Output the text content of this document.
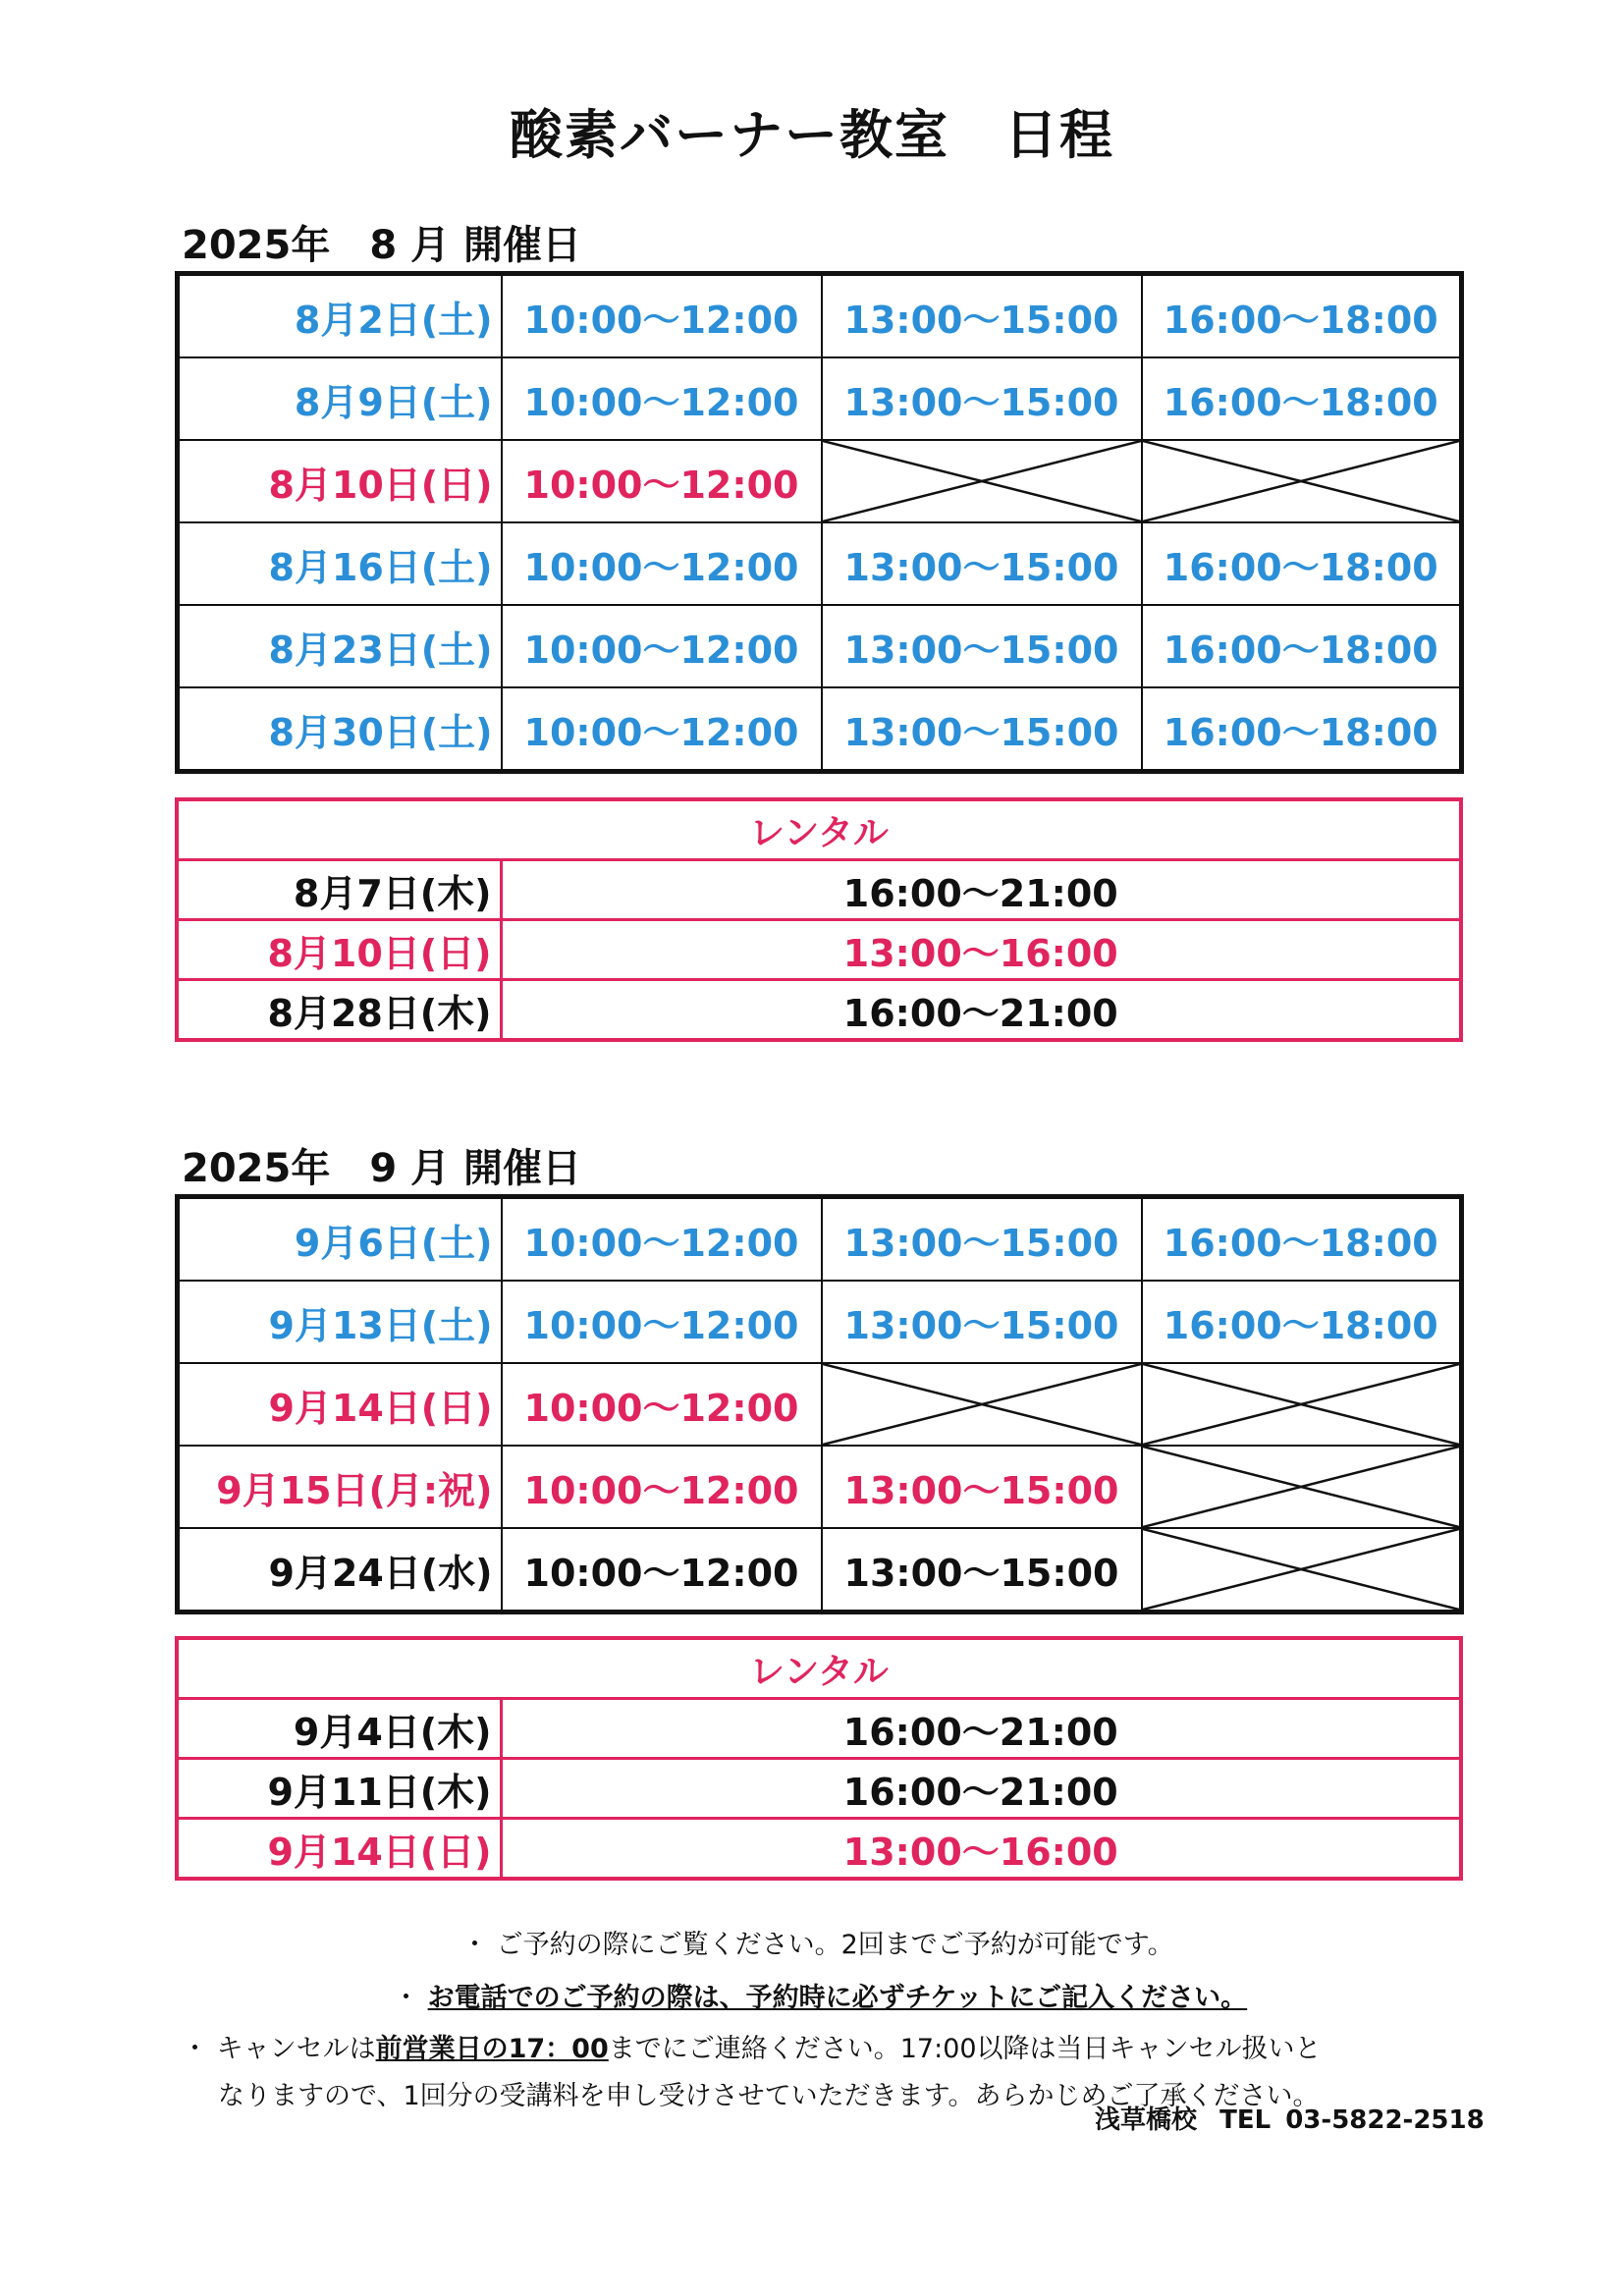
酸素バーナー教室　日程
2025年　8 月 開催日
8月2日(土)	10:00～12:00	13:00～15:00	16:00～18:00
8月9日(土)	10:00～12:00	13:00～15:00	16:00～18:00
8月10日(日)	10:00～12:00		
8月16日(土)	10:00～12:00	13:00～15:00	16:00～18:00
8月23日(土)	10:00～12:00	13:00～15:00	16:00～18:00
8月30日(土)	10:00～12:00	13:00～15:00	16:00～18:00
レンタル	
8月7日(木)	16:00～21:00
8月10日(日)	13:00～16:00
8月28日(木)	16:00～21:00
2025年　9 月 開催日
9月6日(土)	10:00～12:00	13:00～15:00	16:00～18:00
9月13日(土)	10:00～12:00	13:00～15:00	16:00～18:00
9月14日(日)	10:00～12:00		
9月15日(月:祝)	10:00～12:00	13:00～15:00	
9月24日(水)	10:00～12:00	13:00～15:00	
レンタル	
9月4日(木)	16:00～21:00
9月11日(木)	16:00～21:00
9月14日(日)	13:00～16:00
・ ご予約の際にご覧ください。2回までご予約が可能です。
・ お電話でのご予約の際は、予約時に必ずチケットにご記入ください。
・ キャンセルは前営業日の17：00までにご連絡ください。17:00以降は当日キャンセル扱いと
なりますので、1回分の受講料を申し受けさせていただきます。あらかじめご了承ください。
浅草橋校 TEL 03-5822-2518
